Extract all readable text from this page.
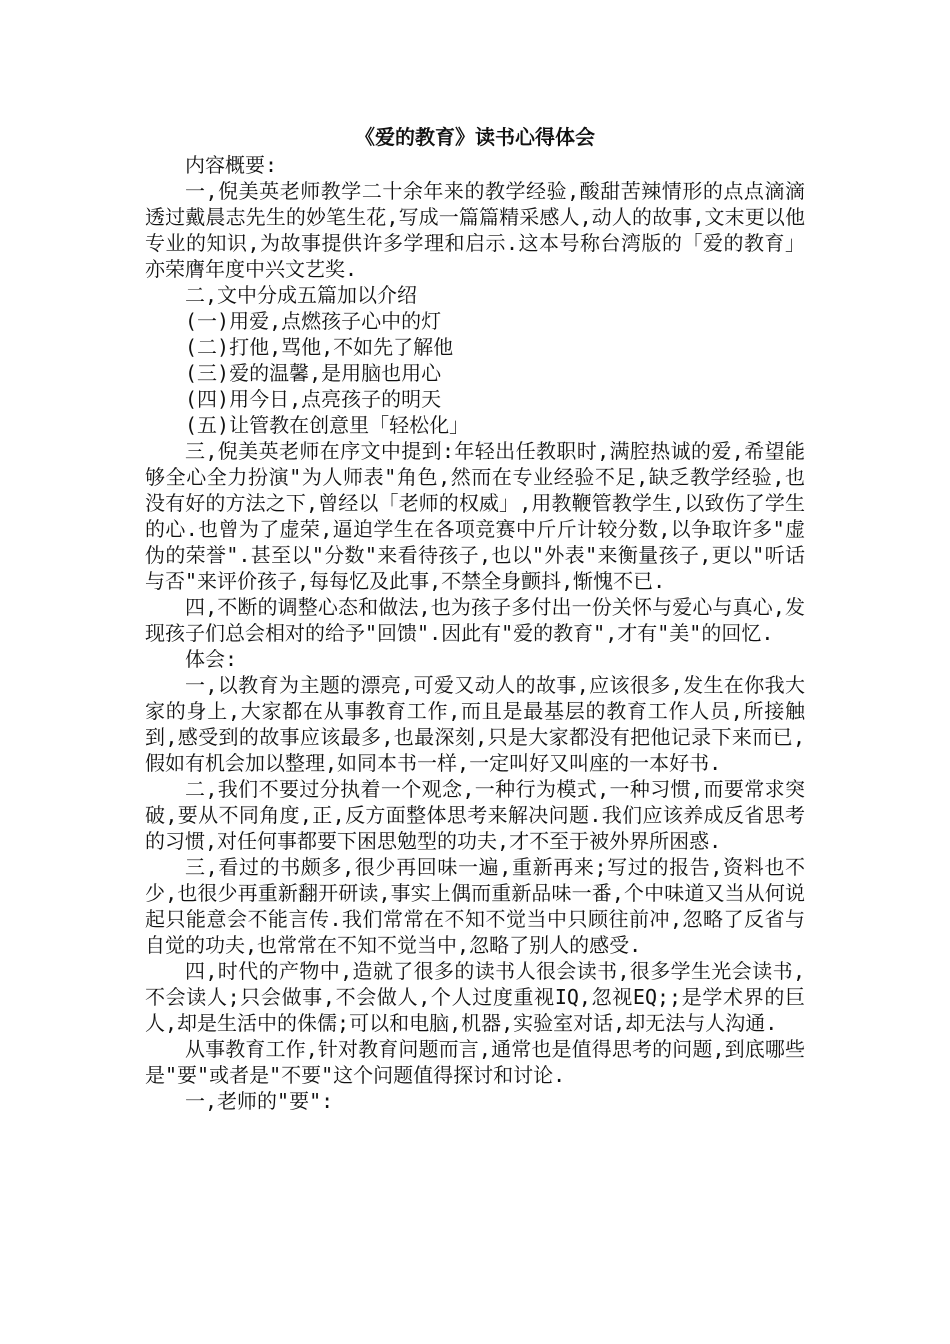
《爱的教育》读书心得体会

内容概要:

一,倪美英老师教学二十余年来的教学经验,酸甜苦辣情形的点点滴滴透过戴晨志先生的妙笔生花,写成一篇篇精采感人,动人的故事,文末更以他专业的知识,为故事提供许多学理和启示.这本号称台湾版的「爱的教育」亦荣膺年度中兴文艺奖.

二,文中分成五篇加以介绍

(一)用爱,点燃孩子心中的灯

(二)打他,骂他,不如先了解他

(三)爱的温馨,是用脑也用心

(四)用今日,点亮孩子的明天

(五)让管教在创意里「轻松化」

三,倪美英老师在序文中提到:年轻出任教职时,满腔热诚的爱,希望能够全心全力扮演"为人师表"角色,然而在专业经验不足,缺乏教学经验,也没有好的方法之下,曾经以「老师的权威」,用教鞭管教学生,以致伤了学生的心.也曾为了虚荣,逼迫学生在各项竞赛中斤斤计较分数,以争取许多"虚伪的荣誉".甚至以"分数"来看待孩子,也以"外表"来衡量孩子,更以"听话与否"来评价孩子,每每忆及此事,不禁全身颤抖,惭愧不已.

四,不断的调整心态和做法,也为孩子多付出一份关怀与爱心与真心,发现孩子们总会相对的给予"回馈".因此有"爱的教育",才有"美"的回忆.

体会:

一,以教育为主题的漂亮,可爱又动人的故事,应该很多,发生在你我大家的身上,大家都在从事教育工作,而且是最基层的教育工作人员,所接触到,感受到的故事应该最多,也最深刻,只是大家都没有把他记录下来而已,假如有机会加以整理,如同本书一样,一定叫好又叫座的一本好书.

二,我们不要过分执着一个观念,一种行为模式,一种习惯,而要常求突破,要从不同角度,正,反方面整体思考来解决问题.我们应该养成反省思考的习惯,对任何事都要下困思勉型的功夫,才不至于被外界所困惑.

三,看过的书颇多,很少再回味一遍,重新再来;写过的报告,资料也不少,也很少再重新翻开研读,事实上偶而重新品味一番,个中味道又当从何说起只能意会不能言传.我们常常在不知不觉当中只顾往前冲,忽略了反省与自觉的功夫,也常常在不知不觉当中,忽略了别人的感受.

四,时代的产物中,造就了很多的读书人很会读书,很多学生光会读书,不会读人;只会做事,不会做人,个人过度重视IQ,忽视EQ;;是学术界的巨人,却是生活中的侏儒;可以和电脑,机器,实验室对话,却无法与人沟通.

从事教育工作,针对教育问题而言,通常也是值得思考的问题,到底哪些是"要"或者是"不要"这个问题值得探讨和讨论.

一,老师的"要":
